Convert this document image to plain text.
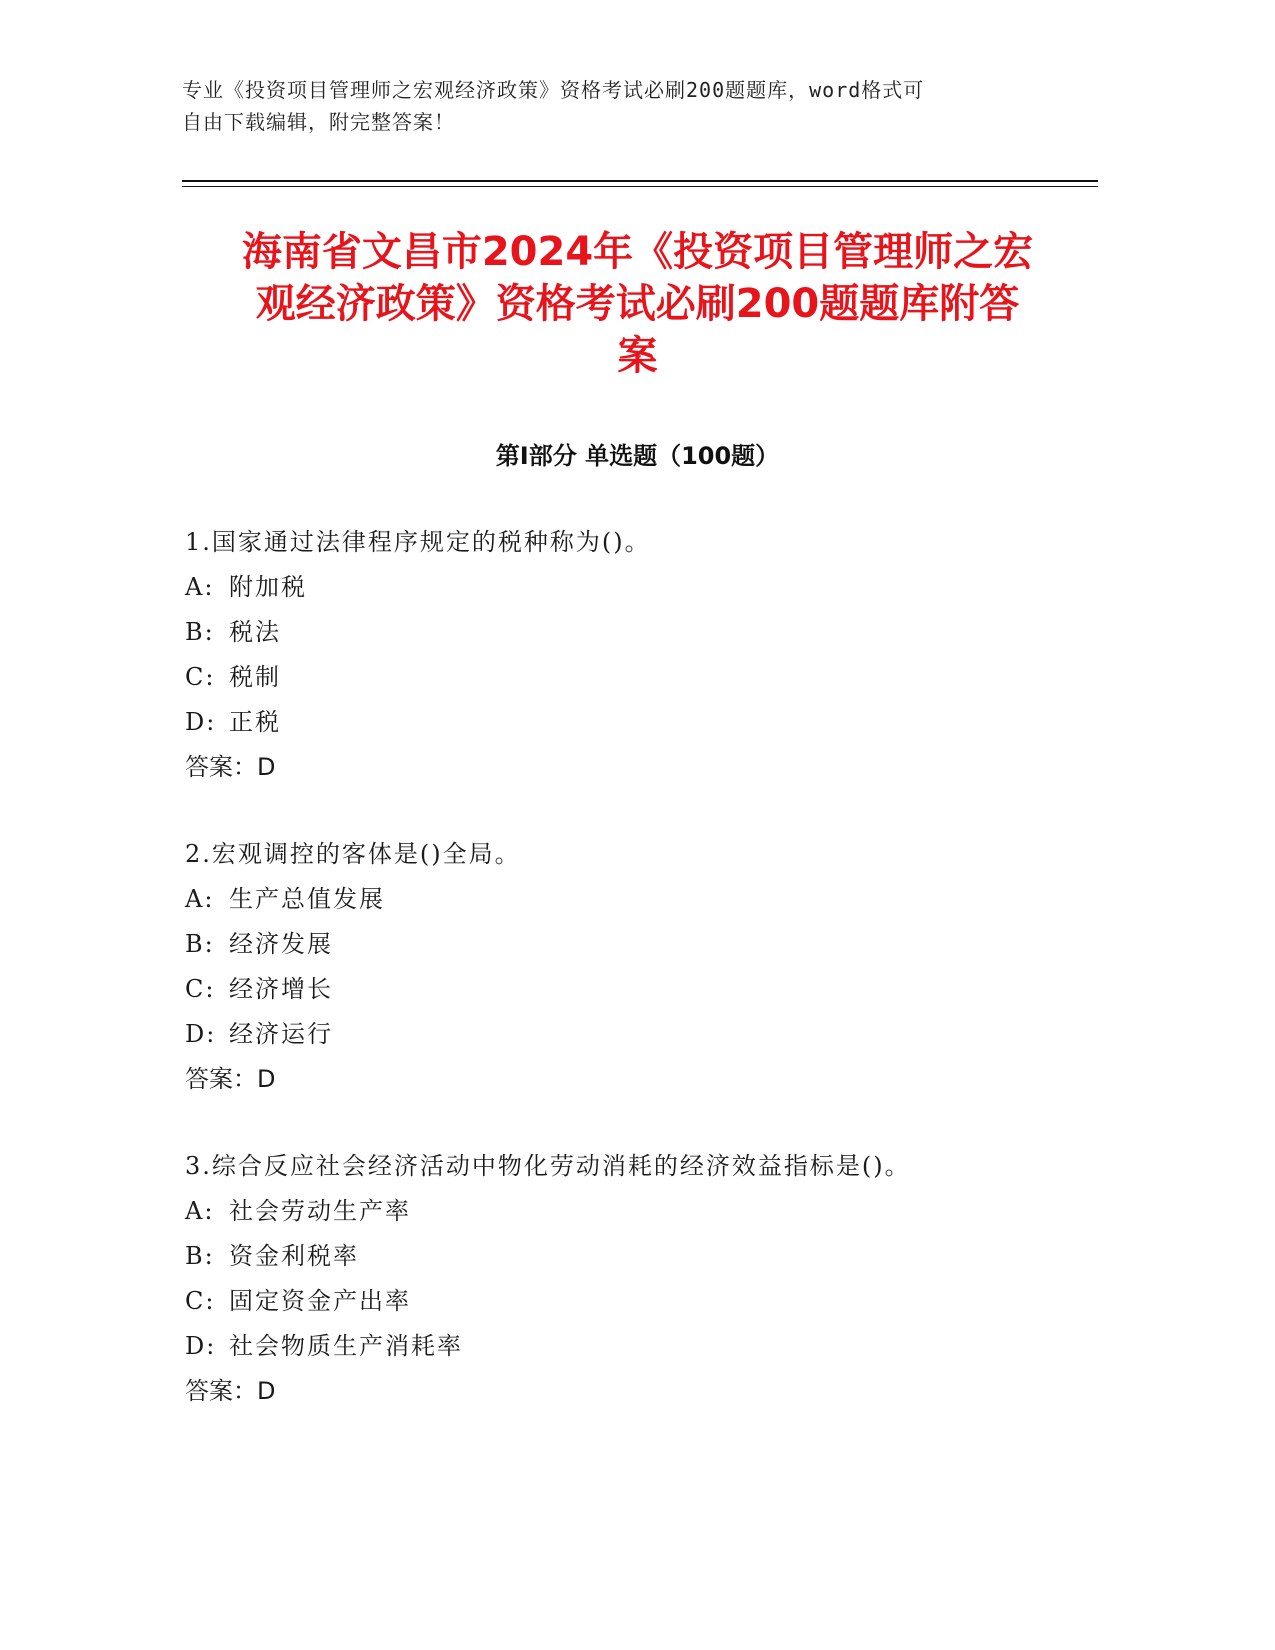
专业《投资项目管理师之宏观经济政策》资格考试必刷200题题库，word格式可
自由下载编辑，附完整答案！
海南省文昌市2024年《投资项目管理师之宏
观经济政策》资格考试必刷200题题库附答
案
第Ⅰ部分 单选题（100题）
1.国家通过法律程序规定的税种称为()。
A: 附加税
B: 税法
C: 税制
D: 正税
答案：D
2.宏观调控的客体是()全局。
A: 生产总值发展
B: 经济发展
C: 经济增长
D: 经济运行
答案：D
3.综合反应社会经济活动中物化劳动消耗的经济效益指标是()。
A: 社会劳动生产率
B: 资金利税率
C: 固定资金产出率
D: 社会物质生产消耗率
答案：D
